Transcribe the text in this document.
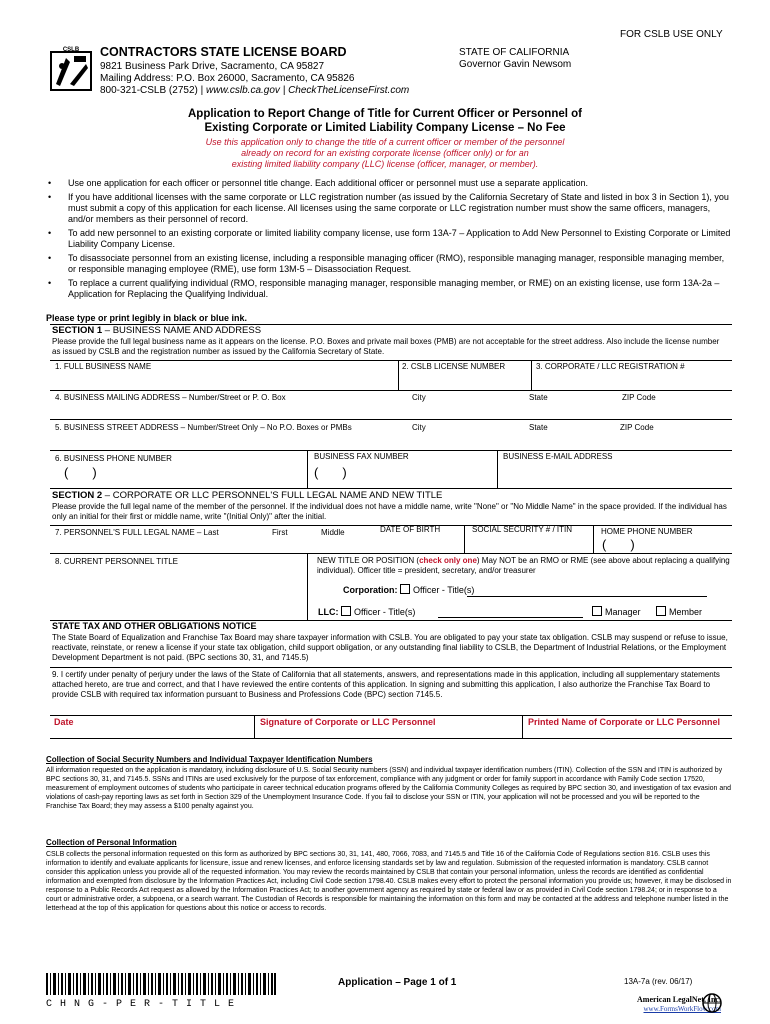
FOR CSLB USE ONLY
CSLB CONTRACTORS STATE LICENSE BOARD
9821 Business Park Drive, Sacramento, CA 95827
Mailing Address: P.O. Box 26000, Sacramento, CA 95826
800-321-CSLB (2752) | www.cslb.ca.gov | CheckTheLicenseFirst.com
STATE OF CALIFORNIA
Governor Gavin Newsom
Application to Report Change of Title for Current Officer or Personnel of
Existing Corporate or Limited Liability Company License – No Fee
Use this application only to change the title of a current officer or member of the personnel
already on record for an existing corporate license (officer only) or for an
existing limited liability company (LLC) license (officer, manager, or member).
• Use one application for each officer or personnel title change. Each additional officer or personnel must use a separate application.
• If you have additional licenses with the same corporate or LLC registration number (as issued by the California Secretary of State and listed in box 3 in Section 1), you must submit a copy of this application for each license. All licenses using the same corporate or LLC registration number must show the same officers, managers, and/or members as their personnel of record.
• To add new personnel to an existing corporate or limited liability company license, use form 13A-7 – Application to Add New Personnel to Existing Corporate or Limited Liability Company License.
• To disassociate personnel from an existing license, including a responsible managing officer (RMO), responsible managing manager, responsible managing member, or responsible managing employee (RME), use form 13M-5 – Disassociation Request.
• To replace a current qualifying individual (RMO, responsible managing manager, responsible managing member, or RME) on an existing license, use form 13A-2a – Application for Replacing the Qualifying Individual.
Please type or print legibly in black or blue ink.
SECTION 1 – BUSINESS NAME AND ADDRESS
Please provide the full legal business name as it appears on the license. P.O. Boxes and private mail boxes (PMB) are not acceptable for the street address. Also include the license number as issued by CSLB and the registration number as issued by the California Secretary of State.
1. FULL BUSINESS NAME	2. CSLB LICENSE NUMBER	3. CORPORATE / LLC REGISTRATION #
4. BUSINESS MAILING ADDRESS – Number/Street or P. O. Box	City	State	ZIP Code
5. BUSINESS STREET ADDRESS – Number/Street Only – No P.O. Boxes or PMBs	City	State	ZIP Code
6. BUSINESS PHONE NUMBER
( )
BUSINESS FAX NUMBER
( )
BUSINESS E-MAIL ADDRESS
SECTION 2 – CORPORATE OR LLC PERSONNEL'S FULL LEGAL NAME AND NEW TITLE
Please provide the full legal name of the member of the personnel. If the individual does not have a middle name, write "None" or "No Middle Name" in the space provided. If the individual has only an initial for their first or middle name, write "(Initial Only)" after the initial.
7. PERSONNEL'S FULL LEGAL NAME – Last	First	Middle	DATE OF BIRTH	SOCIAL SECURITY # / ITIN	HOME PHONE NUMBER
( )
8. CURRENT PERSONNEL TITLE	NEW TITLE OR POSITION (check only one) May NOT be an RMO or RME (see above about replacing a qualifying individual). Officer title = president, secretary, and/or treasurer
Corporation: Officer - Title(s)
LLC: Officer - Title(s)	Manager	Member
STATE TAX AND OTHER OBLIGATIONS NOTICE
The State Board of Equalization and Franchise Tax Board may share taxpayer information with CSLB. You are obligated to pay your state tax obligation. CSLB may suspend or refuse to issue, reactivate, reinstate, or renew a license if your state tax obligation, child support obligation, or any outstanding final liability to CSLB, the Department of Industrial Relations, or the Employment Development Department is not paid. (BPC sections 30, 31, and 7145.5)
9. I certify under penalty of perjury under the laws of the State of California that all statements, answers, and representations made in this application, including all supplementary statements attached hereto, are true and correct, and that I have reviewed the entire contents of this application. In signing and submitting this application, I also authorize the Franchise Tax Board to provide CSLB with required tax information pursuant to Business and Professions Code (BPC) section 7145.5.
Date	Signature of Corporate or LLC Personnel	Printed Name of Corporate or LLC Personnel
Collection of Social Security Numbers and Individual Taxpayer Identification Numbers
All information requested on the application is mandatory, including disclosure of U.S. Social Security numbers (SSN) and individual taxpayer identification numbers (ITIN). Collection of the SSN and ITIN is authorized by BPC sections 30, 31, and 7145.5. SSNs and ITINs are used exclusively for the purpose of tax enforcement, compliance with any judgment or order for family support in accordance with Family Code section 17520, measurement of employment outcomes of students who participate in career technical education programs offered by the California Community Colleges as required by BPC section 30, and investigation of tax evasion and violations of cash-pay reporting laws as set forth in Section 329 of the Unemployment Insurance Code. If you fail to disclose your SSN or ITIN, your application will not be processed and you will be reported to the Franchise Tax Board; they may assess a $100 penalty against you.
Collection of Personal Information
CSLB collects the personal information requested on this form as authorized by BPC sections 30, 31, 141, 480, 7066, 7083, and 7145.5 and Title 16 of the California Code of Regulations section 816. CSLB uses this information to identify and evaluate applicants for licensure, issue and renew licenses, and enforce licensing standards set by law and regulation. Submission of the requested information is mandatory. CSLB cannot consider this application unless you provide all of the requested information. You may review the records maintained by CSLB that contain your personal information, unless the records are identified as confidential information and exempted from disclosure by the Information Practices Act, including Civil Code section 1798.40. CSLB makes every effort to protect the personal information you provide us; however, it may be disclosed in response to a Public Records Act request as allowed by the Information Practices Act; to another government agency as required by state or federal law or as provided in Civil Code section 1798.24; or in response to a court or administrative order, a subpoena, or a search warrant. The Custodian of Records is responsible for maintaining the information on this form and may be contacted at the address and telephone number listed in the letterhead at the top of this application for questions about this notice or access to records.
C H N G - P E R - T I T L E
Application – Page 1 of 1	13A-7a (rev. 06/17)
American LegalNet, Inc.
www.FormsWorkFlow.com
